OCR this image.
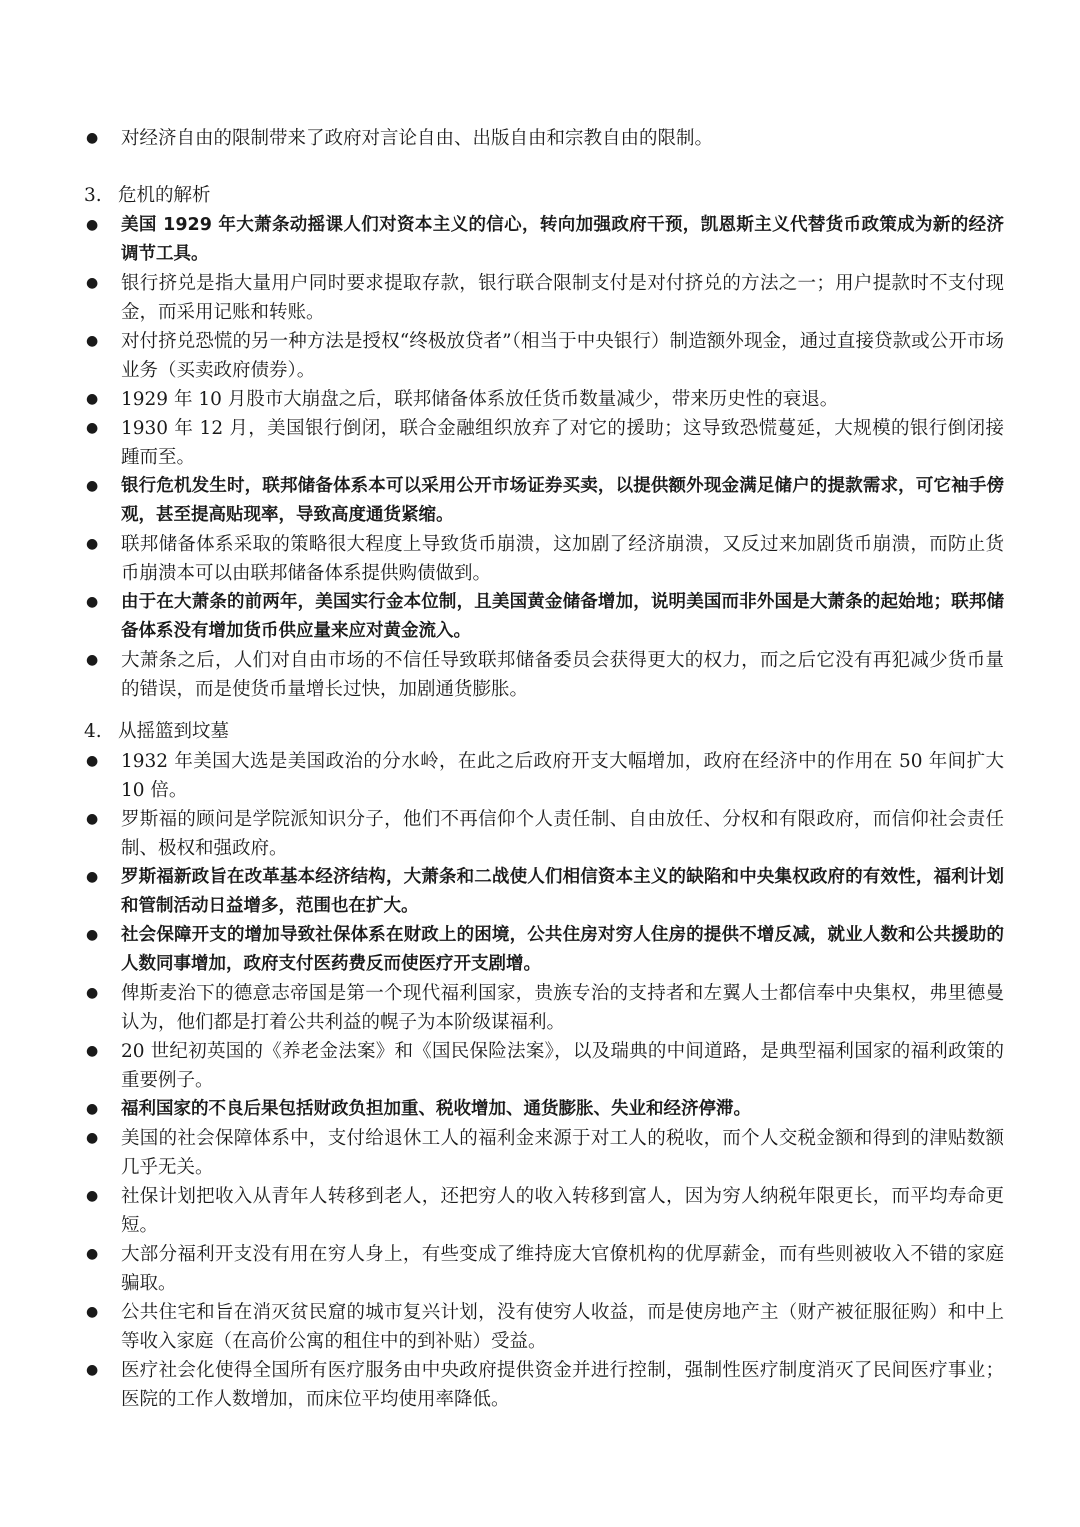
● 对经济自由的限制带来了政府对言论自由、出版自由和宗教自由的限制。
3. 危机的解析
● 美国 1929 年大萧条动摇课人们对资本主义的信心，转向加强政府干预，凯恩斯主义代替货币政策成为新的经济调节工具。
● 银行挤兑是指大量用户同时要求提取存款，银行联合限制支付是对付挤兑的方法之一；用户提款时不支付现金，而采用记账和转账。
● 对付挤兑恐慌的另一种方法是授权“终极放贷者”（相当于中央银行）制造额外现金，通过直接贷款或公开市场业务（买卖政府债券）。
● 1929 年 10 月股市大崩盘之后，联邦储备体系放任货币数量减少，带来历史性的衰退。
● 1930 年 12 月，美国银行倒闭，联合金融组织放弃了对它的援助；这导致恐慌蔓延，大规模的银行倒闭接踵而至。
● 银行危机发生时，联邦储备体系本可以采用公开市场证券买卖，以提供额外现金满足储户的提款需求，可它袖手傍观，甚至提高贴现率，导致高度通货紧缩。
● 联邦储备体系采取的策略很大程度上导致货币崩溃，这加剧了经济崩溃，又反过来加剧货币崩溃，而防止货币崩溃本可以由联邦储备体系提供购债做到。
● 由于在大萧条的前两年，美国实行金本位制，且美国黄金储备增加，说明美国而非外国是大萧条的起始地；联邦储备体系没有增加货币供应量来应对黄金流入。
● 大萧条之后，人们对自由市场的不信任导致联邦储备委员会获得更大的权力，而之后它没有再犯减少货币量的错误，而是使货币量增长过快，加剧通货膨胀。
4. 从摇篮到坟墓
● 1932 年美国大选是美国政治的分水岭，在此之后政府开支大幅增加，政府在经济中的作用在 50 年间扩大 10 倍。
● 罗斯福的顾问是学院派知识分子，他们不再信仰个人责任制、自由放任、分权和有限政府，而信仰社会责任制、极权和强政府。
● 罗斯福新政旨在改革基本经济结构，大萧条和二战使人们相信资本主义的缺陷和中央集权政府的有效性，福利计划和管制活动日益增多，范围也在扩大。
● 社会保障开支的增加导致社保体系在财政上的困境，公共住房对穷人住房的提供不增反减，就业人数和公共援助的人数同事增加，政府支付医药费反而使医疗开支剧增。
● 俾斯麦治下的德意志帝国是第一个现代福利国家，贵族专治的支持者和左翼人士都信奉中央集权，弗里德曼认为，他们都是打着公共利益的幌子为本阶级谋福利。
● 20 世纪初英国的《养老金法案》和《国民保险法案》，以及瑞典的中间道路，是典型福利国家的福利政策的重要例子。
● 福利国家的不良后果包括财政负担加重、税收增加、通货膨胀、失业和经济停滞。
● 美国的社会保障体系中，支付给退休工人的福利金来源于对工人的税收，而个人交税金额和得到的津贴数额几乎无关。
● 社保计划把收入从青年人转移到老人，还把穷人的收入转移到富人，因为穷人纳税年限更长，而平均寿命更短。
● 大部分福利开支没有用在穷人身上，有些变成了维持庞大官僚机构的优厚薪金，而有些则被收入不错的家庭骗取。
● 公共住宅和旨在消灭贫民窟的城市复兴计划，没有使穷人收益，而是使房地产主（财产被征服征购）和中上等收入家庭（在高价公寓的租住中的到补贴）受益。
● 医疗社会化使得全国所有医疗服务由中央政府提供资金并进行控制，强制性医疗制度消灭了民间医疗事业；医院的工作人数增加，而床位平均使用率降低。
